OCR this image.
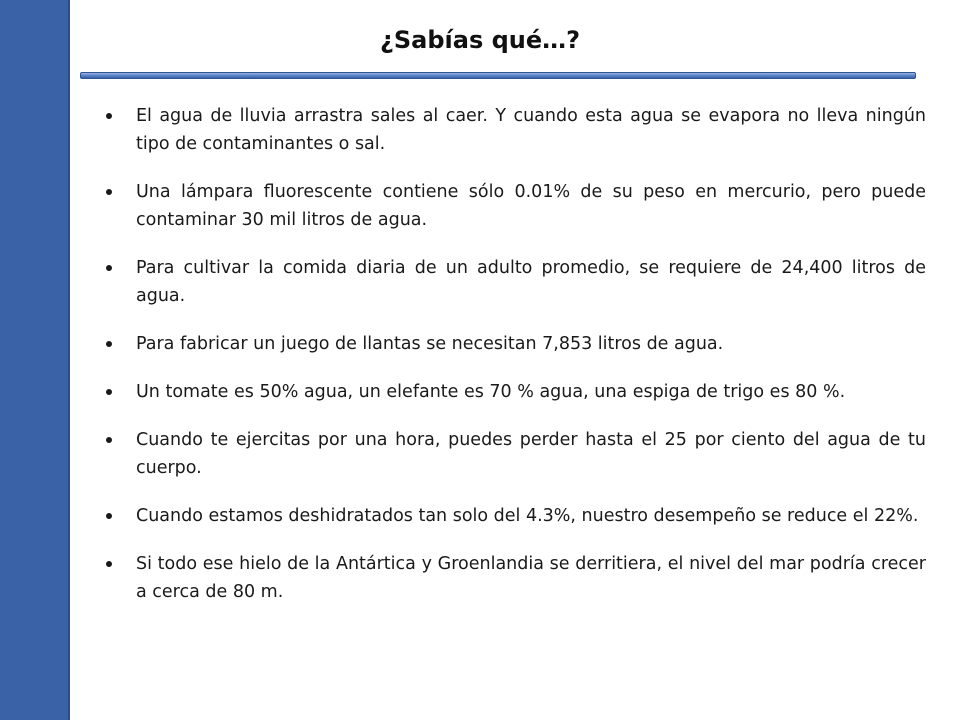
¿Sabías qué…?
El agua de lluvia arrastra sales al caer. Y cuando esta agua se evapora no lleva ningún tipo de contaminantes o sal.
Una lámpara fluorescente contiene sólo 0.01% de su peso en mercurio, pero puede contaminar 30 mil litros de agua.
Para cultivar la comida diaria de un adulto promedio, se requiere de 24,400 litros de agua.
Para fabricar un juego de llantas se necesitan 7,853 litros de agua.
Un tomate es 50% agua, un elefante es 70 % agua, una espiga de trigo es 80 %.
Cuando te ejercitas por una hora, puedes perder hasta el 25 por ciento del agua de tu cuerpo.
Cuando estamos deshidratados tan solo del 4.3%, nuestro desempeño se reduce el 22%.
Si todo ese hielo de la Antártica y Groenlandia se derritiera, el nivel del mar podría crecer a cerca de 80 m.
